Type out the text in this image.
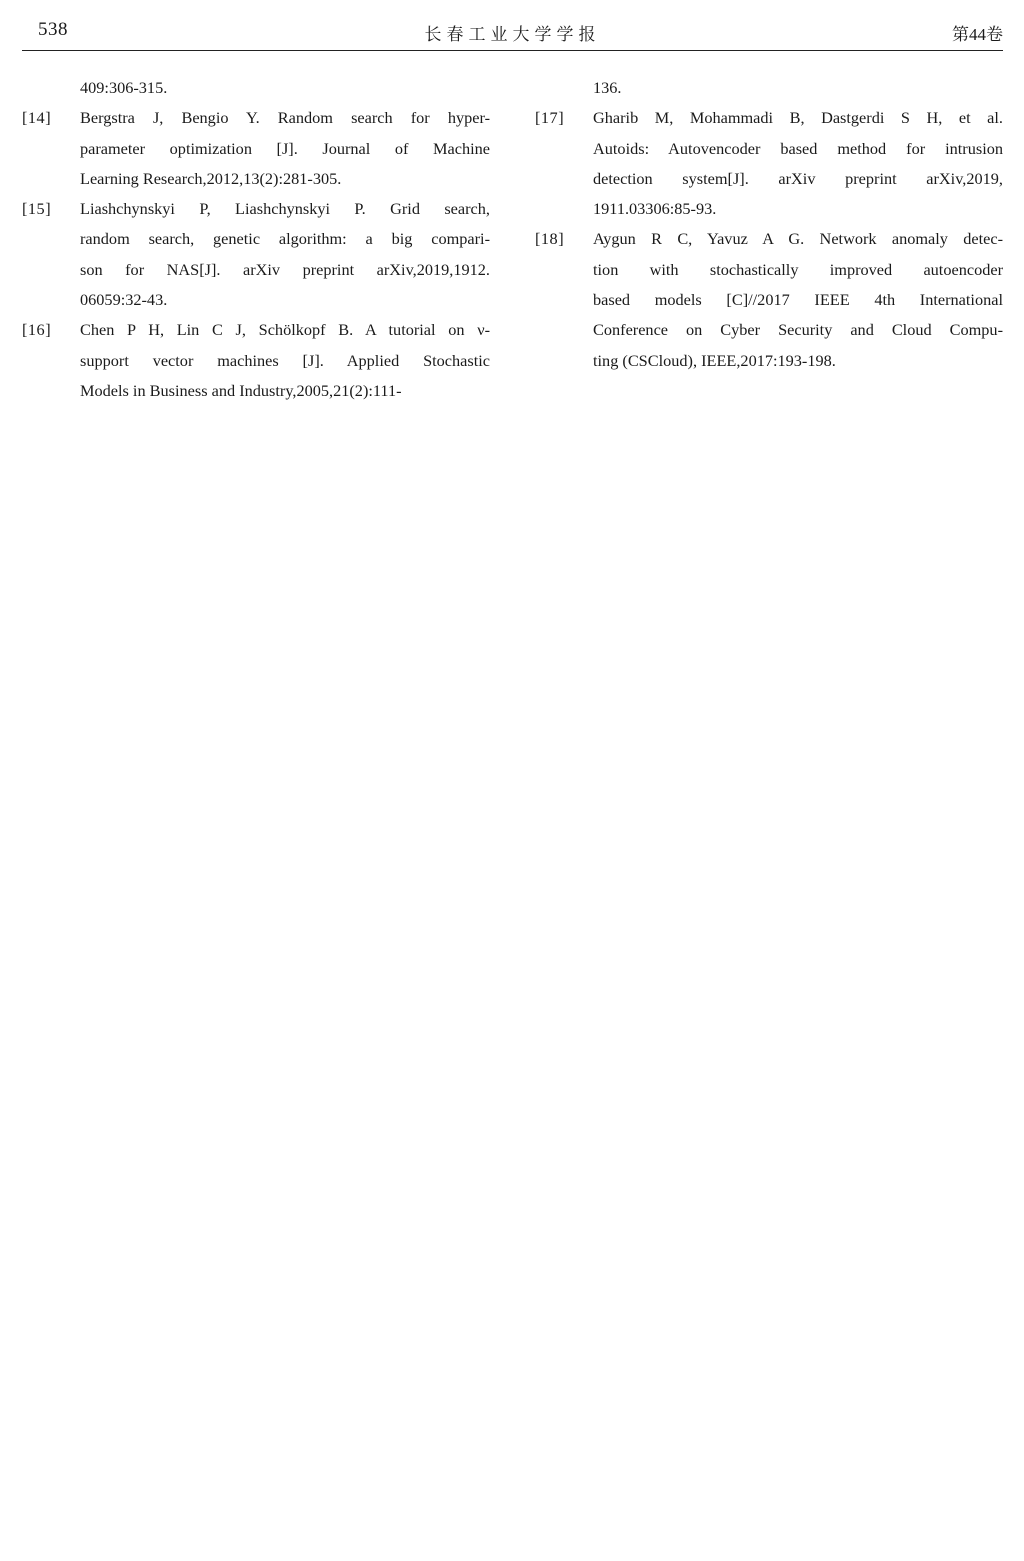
538	长春工业大学学报	第44卷
409:306-315.
[14] Bergstra J, Bengio Y. Random search for hyper-
parameter optimization [J]. Journal of Machine
Learning Research,2012,13(2):281-305.
[15] Liashchynskyi P, Liashchynskyi P. Grid search,
random search, genetic algorithm: a big compari-
son for NAS[J]. arXiv preprint arXiv,2019,1912.
06059:32-43.
[16] Chen P H, Lin C J, Schölkopf B. A tutorial on ν-
support vector machines [J]. Applied Stochastic
Models in Business and Industry,2005,21(2):111-
136.
[17] Gharib M, Mohammadi B, Dastgerdi S H, et al.
Autoids: Autovencoder based method for intrusion
detection system[J]. arXiv preprint arXiv,2019,
1911.03306:85-93.
[18] Aygun R C, Yavuz A G. Network anomaly detec-
tion with stochastically improved autoencoder
based models [C]//2017 IEEE 4th International
Conference on Cyber Security and Cloud Compu-
ting (CSCloud), IEEE,2017:193-198.
